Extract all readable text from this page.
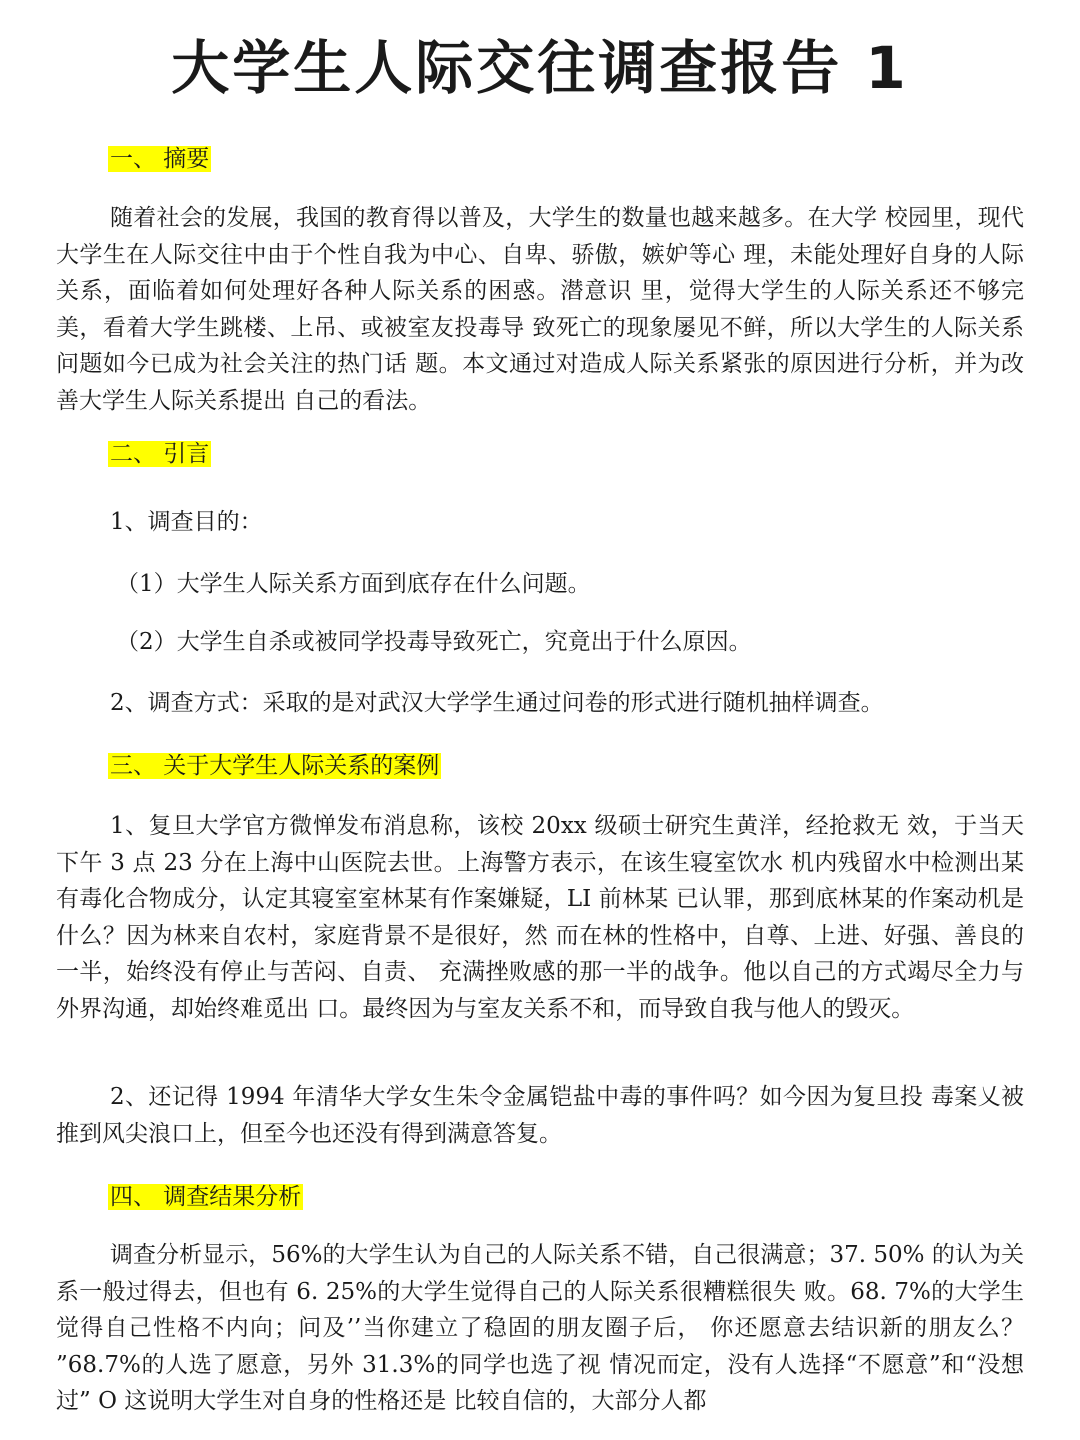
大学生人际交往调查报告 1

一、 摘要

随着社会的发展，我国的教育得以普及，大学生的数量也越来越多。在大学 校园里，现代大学生在人际交往中由于个性自我为中心、自卑、骄傲，嫉妒等心 理，未能处理好自身的人际关系，面临着如何处理好各种人际关系的困惑。潜意识 里，觉得大学生的人际关系还不够完美，看着大学生跳楼、上吊、或被室友投毒导 致死亡的现象屡见不鲜，所以大学生的人际关系问题如今已成为社会关注的热门话 题。本文通过对造成人际关系紧张的原因进行分析，并为改善大学生人际关系提出 自己的看法。

二、 引言

1、调查目的：

（1）大学生人际关系方面到底存在什么问题。

（2）大学生自杀或被同学投毒导致死亡，究竟出于什么原因。

2、调查方式：采取的是对武汉大学学生通过问卷的形式进行随机抽样调查。

三、 关于大学生人际关系的案例

1、复旦大学官方微惮发布消息称，该校 20xx 级硕士研究生黄洋，经抢救无 效，于当天下午 3 点 23 分在上海中山医院去世。上海警方表示，在该生寝室饮水 机内残留水中检测出某有毒化合物成分，认定其寝室室林某有作案嫌疑，LI 前林某 已认罪，那到底林某的作案动机是什么？因为林来自农村，家庭背景不是很好，然 而在林的性格中，自尊、上进、好强、善良的一半，始终没有停止与苦闷、自责、 充满挫败感的那一半的战争。他以自己的方式竭尽全力与外界沟通，却始终难觅出 口。最终因为与室友关系不和，而导致自我与他人的毁灭。

2、还记得 1994 年清华大学女生朱令金属铠盐中毒的事件吗？如今因为复旦投 毒案乂被推到风尖浪口上，但至今也还没有得到满意答复。

四、 调查结果分析

调查分析显示，56%的大学生认为自己的人际关系不错，自己很满意；37. 50% 的认为关系一般过得去，但也有 6. 25%的大学生觉得自己的人际关系很糟糕很失 败。68. 7%的大学生觉得自己性格不内向；问及’’当你建立了稳固的朋友圈子后， 你还愿意去结识新的朋友么？ ”68.7%的人选了愿意，另外 31.3%的同学也选了视 情况而定，没有人选择“不愿意”和“没想过” O 这说明大学生对自身的性格还是 比较自信的，大部分人都
